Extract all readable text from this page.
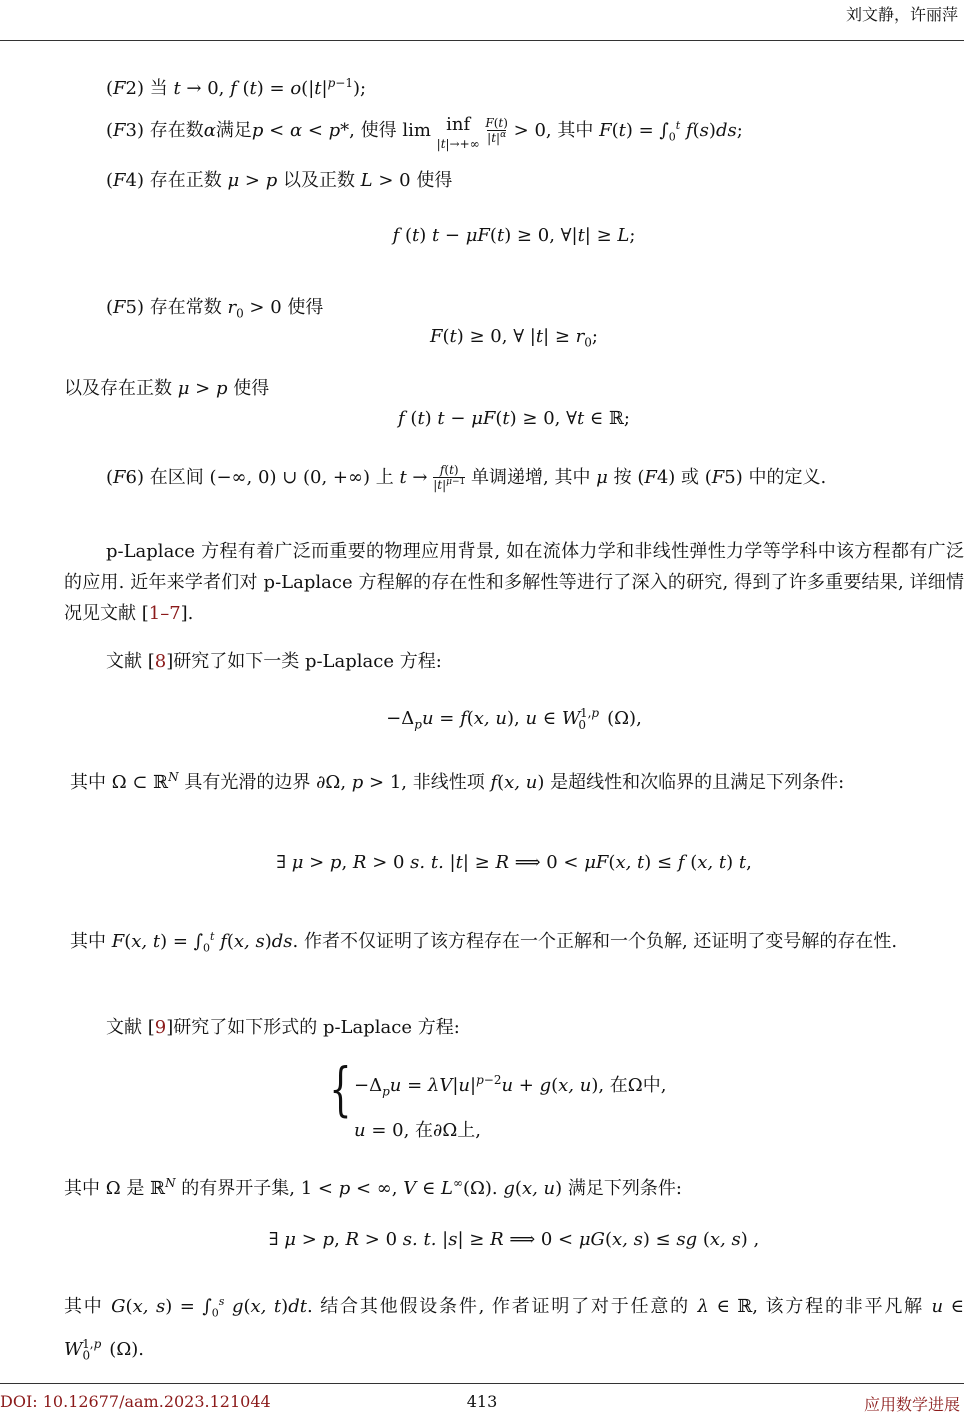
刘文静，许丽萍
(F2) 当 t → 0, f $(t) = o(|t|^{p-1})$;
(F3) 存在数α满足p < α < p*, 使得 lim inf
|t|→+∞ F(t)
$|t|^\alpha > 0$, 其中 $F(t) = \int_0^t$ f(s)ds;
(F4) 存在正数 μ > p 以及正数 L > 0 使得
f (t) t − μF(t) ≥ 0, ∀|t| ≥ L;
(F5) 存在常数 $r_0 > 0$ 使得
F(t) ≥ 0, ∀ $|t| \ge r_0$;
以及存在正数 μ > p 使得
f (t) t − μF(t) ≥ 0, ∀t ∈ ℝ;
(F6) 在区间 (−∞, 0) ∪ (0, +∞) 上 t → f(t)
$|t|^{\mu-1}$ 单调递增, 其中 μ 按 (F4) 或 (F5) 中的定义.
p-Laplace 方程有着广泛而重要的物理应用背景, 如在流体力学和非线性弹性力学等学科中该方程都有广泛的应用. 近年来学者们对 p-Laplace 方程解的存在性和多解性等进行了深入的研究, 得到了许多重要结果, 详细情况见文献 [1–7].
文献 [8]研究了如下一类 p-Laplace 方程:
$-\Delta_pu = f(x$, u), u ∈ $W_0^{1,p}$ (Ω),
其中 Ω ⊂ ℝ$^N$ 具有光滑的边界 ∂Ω, p > 1, 非线性项 f(x, u) 是超线性和次临界的且满足下列条件:
∃ μ > p, R > 0 s. t. |t| ≥ R ⟹ 0 < μF(x, t) ≤ f (x, t) t,
其中 F(x, $t) = \int_0^t$ f(x, s)ds. 作者不仅证明了该方程存在一个正解和一个负解, 还证明了变号解的存在性.
文献 [9]研究了如下形式的 p-Laplace 方程:
{ $-\Delta_pu = \lambda V|u|^{p-2}u + g(x$, u), 在Ω中,
u = 0, 在∂Ω上,
其中 Ω 是 ℝ$^N$ 的有界开子集, 1 < p < ∞, V ∈ L∞(Ω). g(x, u) 满足下列条件:
∃ μ > p, R > 0 s. t. |s| ≥ R ⟹ 0 < μG(x, s) ≤ sg (x, s) ,
其中 G(x, $s) = \int_0^s$ g(x, t)dt. 结合其他假设条件, 作者证明了对于任意的 λ ∈ ℝ, 该方程的非平凡解 u ∈ $W_0^{1,p}$ (Ω).
DOI: 10.12677/aam.2023.121044	413	应用数学进展
